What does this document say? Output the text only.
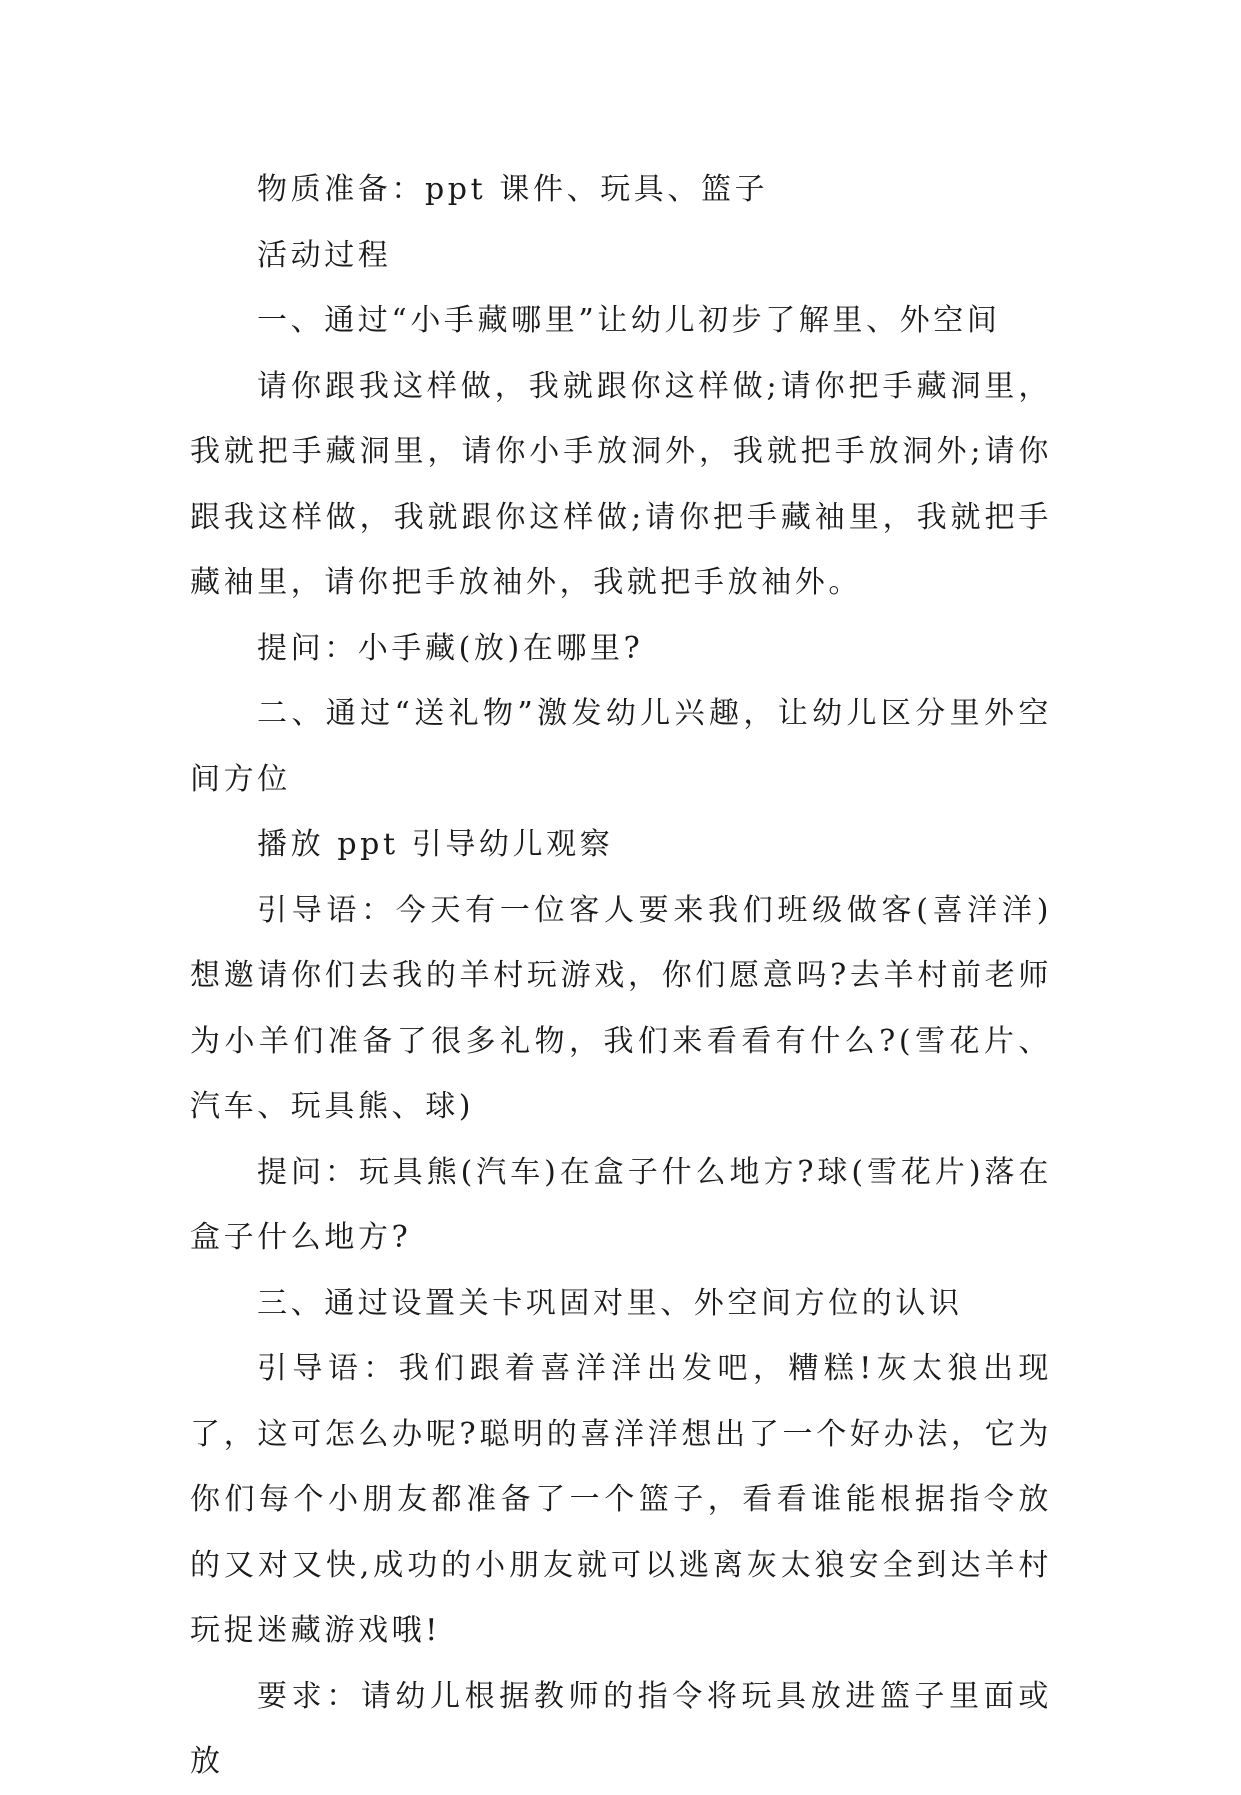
物质准备：ppt 课件、玩具、篮子

活动过程

一、通过“小手藏哪里”让幼儿初步了解里、外空间

请你跟我这样做，我就跟你这样做;请你把手藏洞里，我就把手藏洞里，请你小手放洞外，我就把手放洞外;请你跟我这样做，我就跟你这样做;请你把手藏袖里，我就把手藏袖里，请你把手放袖外，我就把手放袖外。

提问：小手藏(放)在哪里?

二、通过“送礼物”激发幼儿兴趣，让幼儿区分里外空间方位

播放 ppt 引导幼儿观察

引导语：今天有一位客人要来我们班级做客(喜洋洋)想邀请你们去我的羊村玩游戏，你们愿意吗?去羊村前老师为小羊们准备了很多礼物，我们来看看有什么?(雪花片、汽车、玩具熊、球)

提问：玩具熊(汽车)在盒子什么地方?球(雪花片)落在盒子什么地方?

三、通过设置关卡巩固对里、外空间方位的认识

引导语：我们跟着喜洋洋出发吧，糟糕!灰太狼出现了，这可怎么办呢?聪明的喜洋洋想出了一个好办法，它为你们每个小朋友都准备了一个篮子，看看谁能根据指令放的又对又快,成功的小朋友就可以逃离灰太狼安全到达羊村玩捉迷藏游戏哦!

要求：请幼儿根据教师的指令将玩具放进篮子里面或放
